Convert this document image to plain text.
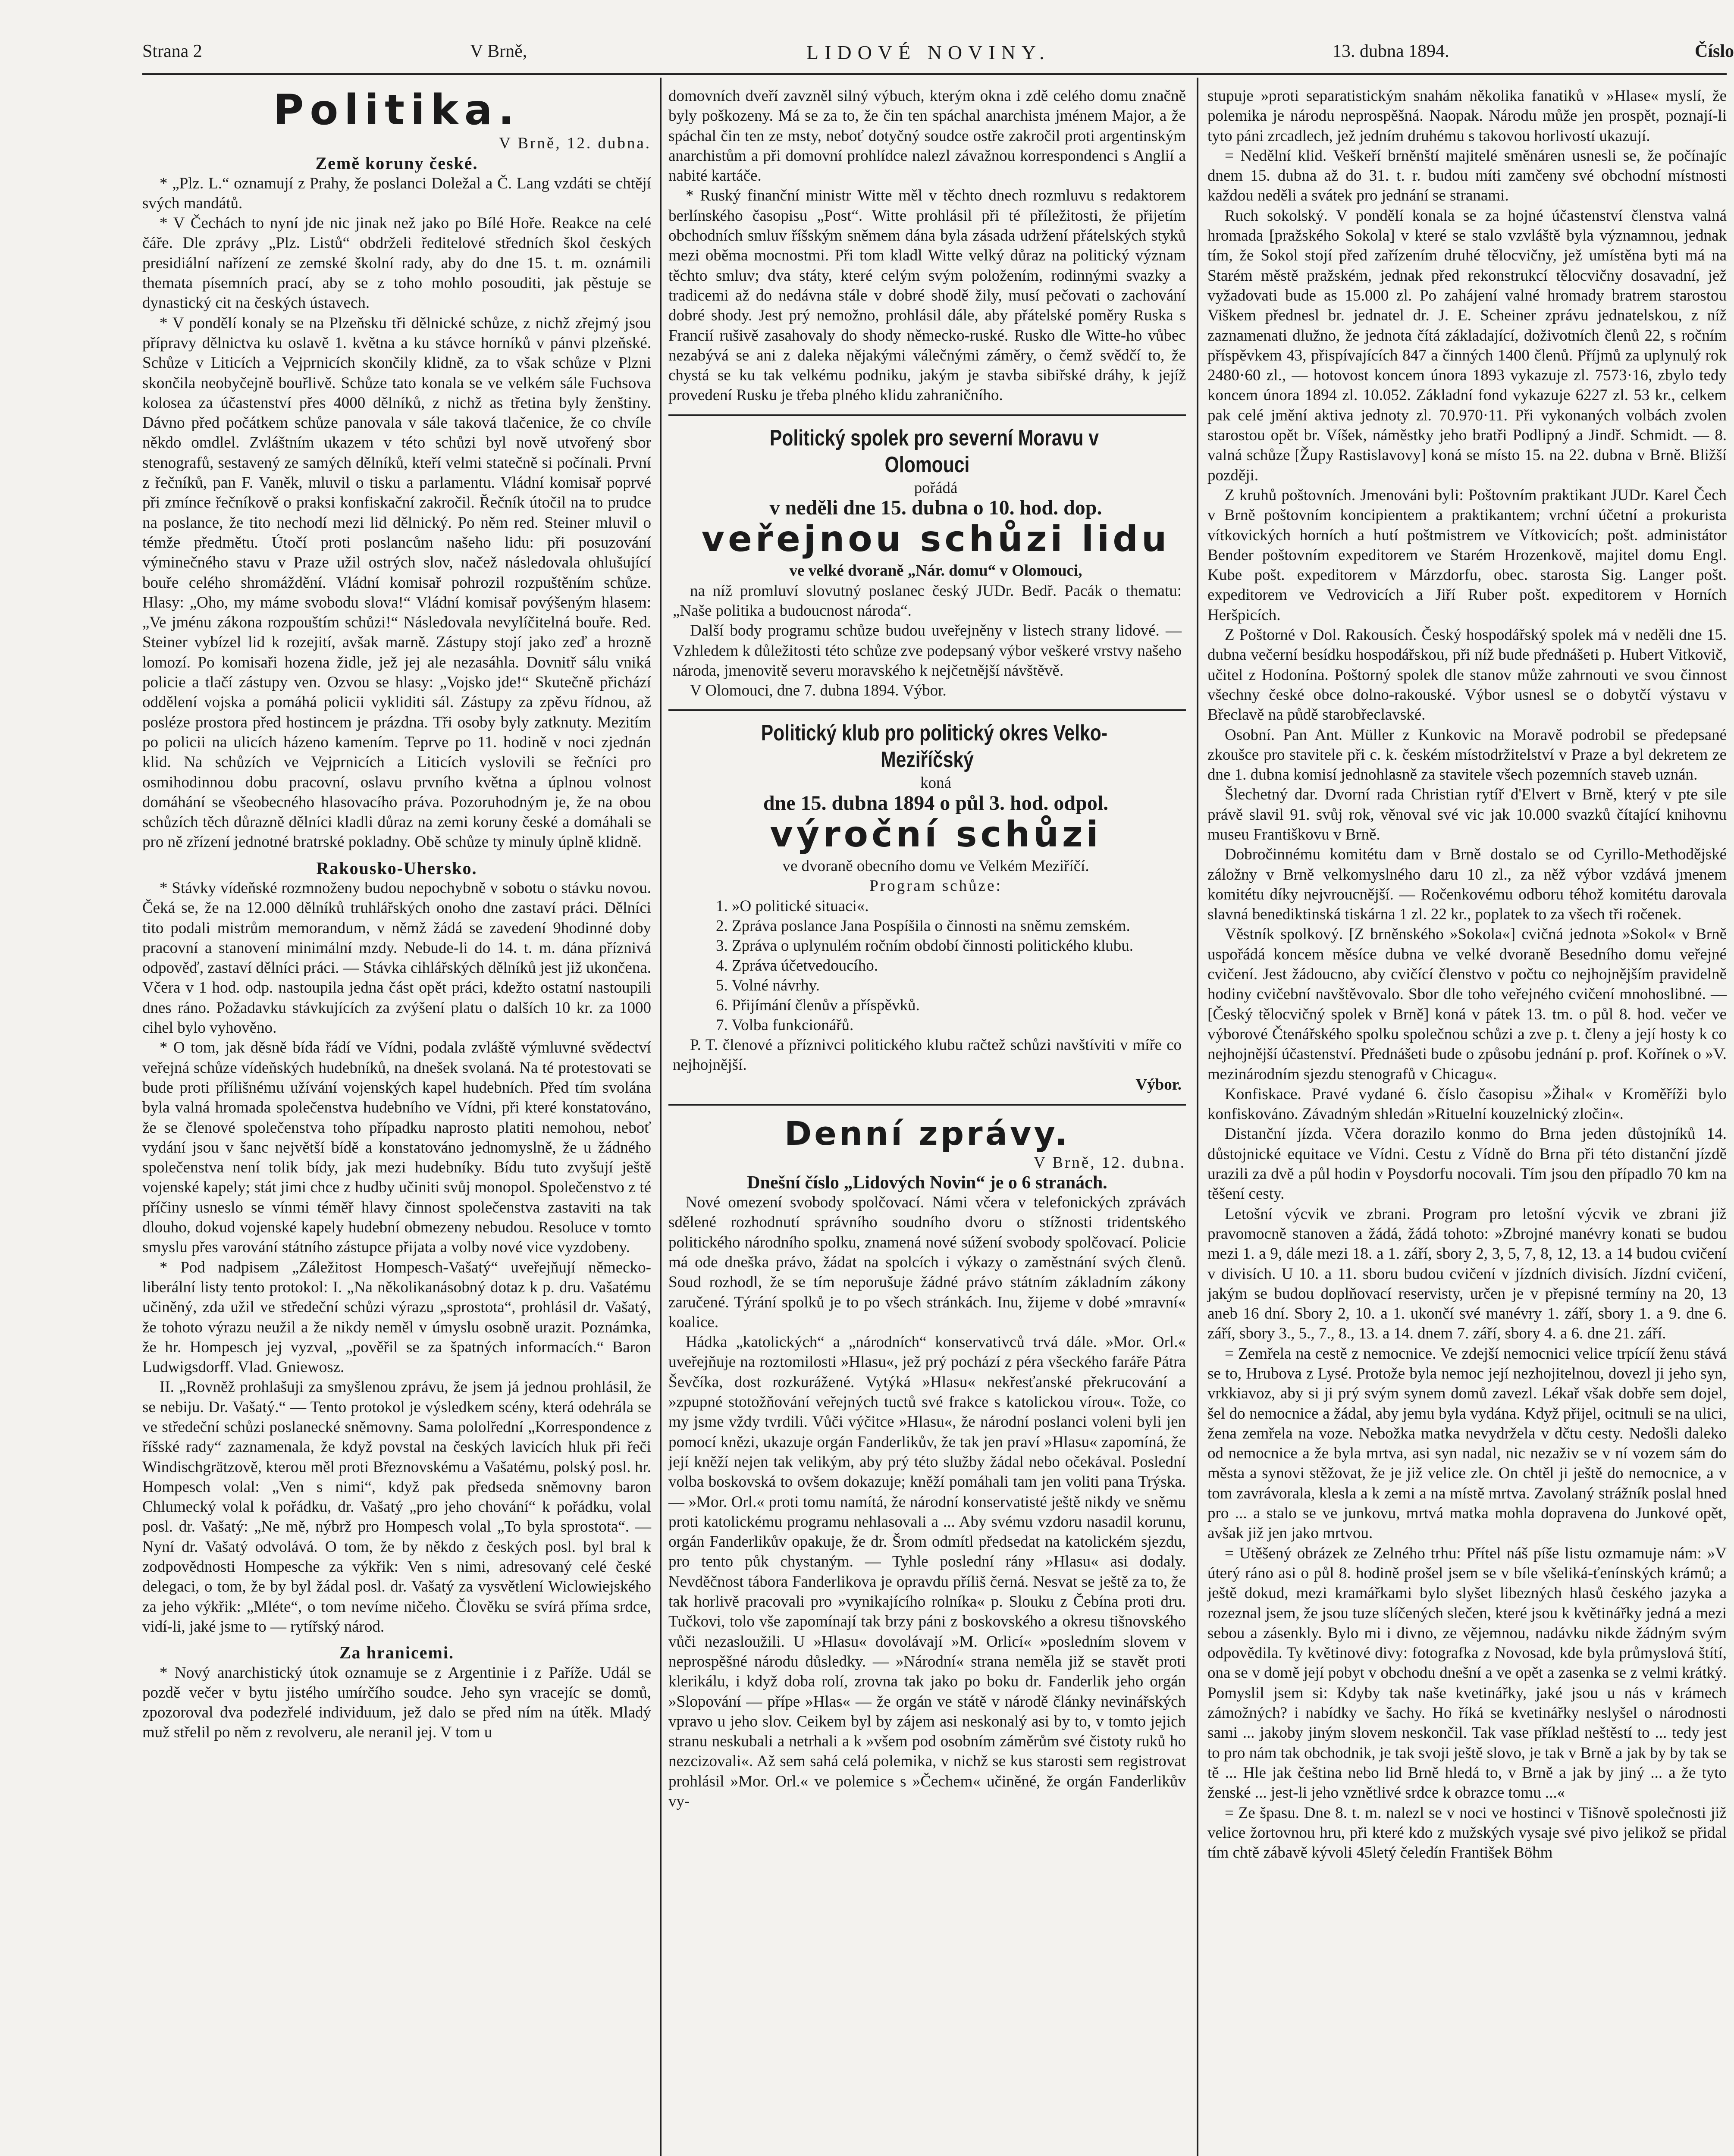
Strana 2	V Brně,	LIDOVÉ NOVINY.	13. dubna 1894.	Číslo

Politika.

V Brně, 12. dubna.

Země koruny české.

* „Plz. L.“ oznamují z Prahy, že poslanci Doležal a Č. Lang vzdáti se chtějí svých mandátů.

* V Čechách to nyní jde nic jinak než jako po Bílé Hoře. Reakce na celé čáře. Dle zprávy „Plz. Listů“ obdrželi ředitelové středních škol českých presidiální nařízení ze zemské školní rady, aby do dne 15. t. m. oznámili themata písemních prací, aby se z toho mohlo posouditi, jak pěstuje se dynastický cit na českých ústavech.

* V pondělí konaly se na Plzeňsku tři dělnické schůze, z nichž zřejmý jsou přípravy dělnictva ku oslavě 1. května a ku stávce horníků v pánvi plzeňské. Schůze v Liticích a Vejprnicích skončily klidně, za to však schůze v Plzni skončila neobyčejně bouřlivě. Schůze tato konala se ve velkém sále Fuchsova kolosea za účastenství přes 4000 dělníků, z nichž as třetina byly ženštiny. Dávno před počátkem schůze panovala v sále taková tlačenice, že co chvíle někdo omdlel. Zvláštním ukazem v této schůzi byl nově utvořený sbor stenografů, sestavený ze samých dělníků, kteří velmi statečně si počínali. První z řečníků, pan F. Vaněk, mluvil o tisku a parlamentu. Vládní komisař poprvé při zmínce řečníkově o praksi konfiskační zakročil. Řečník útočil na to prudce na poslance, že tito nechodí mezi lid dělnický. Po něm red. Steiner mluvil o témže předmětu. Útočí proti poslancům našeho lidu: při posuzování výminečného stavu v Praze užil ostrých slov, načež následovala ohlušující bouře celého shromáždění. Vládní komisař pohrozil rozpuštěním schůze. Hlasy: „Oho, my máme svobodu slova!“ Vládní komisař povýšeným hlasem: „Ve jménu zákona rozpouštím schůzi!“ Následovala nevylíčitelná bouře. Red. Steiner vybízel lid k rozejití, avšak marně. Zástupy stojí jako zeď a hrozně lomozí. Po komisaři hozena židle, jež jej ale nezasáhla. Dovnitř sálu vniká policie a tlačí zástupy ven. Ozvou se hlasy: „Vojsko jde!“ Skutečně přichází oddělení vojska a pomáhá policii vykliditi sál. Zástupy za zpěvu řídnou, až posléze prostora před hostincem je prázdna. Tři osoby byly zatknuty. Mezitím po policii na ulicích házeno kamením. Teprve po 11. hodině v noci zjednán klid. Na schůzích ve Vejprnicích a Liticích vyslovili se řečníci pro osmihodinnou dobu pracovní, oslavu prvního května a úplnou volnost domáhání se všeobecného hlasovacího práva. Pozoruhodným je, že na obou schůzích těch důrazně dělníci kladli důraz na zemi koruny české a domáhali se pro ně zřízení jednotné bratrské pokladny. Obě schůze ty minuly úplně klidně.

Rakousko-Uhersko.

* Stávky vídeňské rozmnoženy budou nepochybně v sobotu o stávku novou. Čeká se, že na 12.000 dělníků truhlářských onoho dne zastaví práci. Dělníci tito podali mistrům memorandum, v němž žádá se zavedení 9hodinné doby pracovní a stanovení minimální mzdy. Nebude-li do 14. t. m. dána příznivá odpověď, zastaví dělníci práci. — Stávka cihlářských dělníků jest již ukončena. Včera v 1 hod. odp. nastoupila jedna část opět práci, kdežto ostatní nastoupili dnes ráno. Požadavku stávkujících za zvýšení platu o dalších 10 kr. za 1000 cihel bylo vyhověno.

* O tom, jak děsně bída řádí ve Vídni, podala zvláště výmluvné svědectví veřejná schůze vídeňských hudebníků, na dnešek svolaná. Na té protestovati se bude proti přílišnému užívání vojenských kapel hudebních. Před tím svolána byla valná hromada společenstva hudebního ve Vídni, při které konstatováno, že se členové společenstva toho případku naprosto platiti nemohou, neboť vydání jsou v šanc největší bídě a konstatováno jednomyslně, že u žádného společenstva není tolik bídy, jak mezi hudebníky. Bídu tuto zvyšují ještě vojenské kapely; stát jimi chce z hudby učiniti svůj monopol. Společenstvo z té příčiny usneslo se vínmi téměř hlavy činnost společenstva zastaviti na tak dlouho, dokud vojenské kapely hudební obmezeny nebudou. Resoluce v tomto smyslu přes varování státního zástupce přijata a volby nové vice vyzdobeny.

* Pod nadpisem „Záležitost Hompesch-Vašatý“ uveřejňují německo-liberální listy tento protokol: I. „Na několikanásobný dotaz k p. dru. Vašatému učiněný, zda užil ve středeční schůzi výrazu „sprostota“, prohlásil dr. Vašatý, že tohoto výrazu neužil a že nikdy neměl v úmyslu osobně urazit. Poznámka, že hr. Hompesch jej vyzval, „pověřil se za špatných informacích.“ Baron Ludwigsdorff. Vlad. Gniewosz.

II. „Rovněž prohlašuji za smyšlenou zprávu, že jsem já jednou prohlásil, že se nebiju. Dr. Vašatý.“ — Tento protokol je výsledkem scény, která odehrála se ve středeční schůzi poslanecké sněmovny. Sama pololřední „Korrespondence z říšské rady“ zaznamenala, že když povstal na českých lavicích hluk při řeči Windischgrätzově, kterou měl proti Březnovskému a Vašatému, polský posl. hr. Hompesch volal: „Ven s nimi“, když pak předseda sněmovny baron Chlumecký volal k pořádku, dr. Vašatý „pro jeho chování“ k pořádku, volal posl. dr. Vašatý: „Ne mě, nýbrž pro Hompesch volal „To byla sprostota“. — Nyní dr. Vašatý odvolává. O tom, že by někdo z českých posl. byl bral k zodpovědnosti Hompesche za výkřik: Ven s nimi, adresovaný celé české delegaci, o tom, že by byl žádal posl. dr. Vašatý za vysvětlení Wiclowiejského za jeho výkřik: „Mléte“, o tom nevíme ničeho. Člověku se svírá příma srdce, vidí-li, jaké jsme to — rytířský národ.

Za hranicemi.

* Nový anarchistický útok oznamuje se z Argentinie i z Paříže. Udál se pozdě večer v bytu jistého umírčího soudce. Jeho syn vracejíc se domů, zpozoroval dva podezřelé individuum, jež dalo se před ním na útěk. Mladý muž střelil po něm z revolveru, ale neranil jej. V tom u

domovních dveří zavzněl silný výbuch, kterým okna i zdě celého domu značně byly poškozeny. Má se za to, že čin ten spáchal anarchista jménem Major, a že spáchal čin ten ze msty, neboť dotyčný soudce ostře zakročil proti argentinským anarchistům a při domovní prohlídce nalezl závažnou korrespondenci s Anglií a nabité kartáče.

* Ruský finanční ministr Witte měl v těchto dnech rozmluvu s redaktorem berlínského časopisu „Post“. Witte prohlásil při té příležitosti, že přijetím obchodních smluv říšským sněmem dána byla zásada udržení přátelských styků mezi oběma mocnostmi. Při tom kladl Witte velký důraz na politický význam těchto smluv; dva státy, které celým svým položením, rodinnými svazky a tradicemi až do nedávna stále v dobré shodě žily, musí pečovati o zachování dobré shody. Jest prý nemožno, prohlásil dále, aby přátelské poměry Ruska s Francií rušivě zasahovaly do shody německo-ruské. Rusko dle Witte-ho vůbec nezabývá se ani z daleka nějakými válečnými záměry, o čemž svědčí to, že chystá se ku tak velkému podniku, jakým je stavba sibiřské dráhy, k jejíž provedení Rusku je třeba plného klidu zahraničního.

Politický spolek pro severní Moravu v Olomouci

pořádá

v neděli dne 15. dubna o 10. hod. dop.

veřejnou schůzi lidu

ve velké dvoraně „Nár. domu“ v Olomouci,

na níž promluví slovutný poslanec český JUDr. Bedř. Pacák o thematu: „Naše politika a budoucnost národa“.

Další body programu schůze budou uveřejněny v listech strany lidové. — Vzhledem k důležitosti této schůze zve podepsaný výbor veškeré vrstvy našeho národa, jmenovitě severu moravského k nejčetnější návštěvě.

V Olomouci, dne 7. dubna 1894. Výbor.

Politický klub pro politický okres Velko-Meziříčský

koná

dne 15. dubna 1894 o půl 3. hod. odpol.

výroční schůzi

ve dvoraně obecního domu ve Velkém Meziříčí.

Program schůze:

1. »O politické situaci«.
2. Zpráva poslance Jana Pospíšila o činnosti na sněmu zemském.
3. Zpráva o uplynulém ročním období činnosti politického klubu.
4. Zpráva účetvedoucího.
5. Volné návrhy.
6. Přijímání členův a příspěvků.
7. Volba funkcionářů.

P. T. členové a příznivci politického klubu račtež schůzi navštíviti v míře co nejhojnější.

Výbor.

Denní zprávy.

V Brně, 12. dubna.

Dnešní číslo „Lidových Novin“ je o 6 stranách.

Nové omezení svobody spolčovací. Námi včera v telefonických zprávách sdělené rozhodnutí správního soudního dvoru o stížnosti tridentského politického národního spolku, znamená nové súžení svobody spolčovací. Policie má ode dneška právo, žádat na spolcích i výkazy o zaměstnání svých členů. Soud rozhodl, že se tím neporušuje žádné právo státním základním zákony zaručené. Týrání spolků je to po všech stránkách. Inu, žijeme v dobé »mravní« koalice.

Hádka „katolických“ a „národních“ konservativců trvá dále. »Mor. Orl.« uveřejňuje na roztomilosti »Hlasu«, jež prý pochází z péra všeckého faráře Pátra Ševčíka, dost rozkurážené. Vytýká »Hlasu« nekřesťanské překrucování a »zpupné stotožňování veřejných tuctů své frakce s katolickou vírou«. Tože, co my jsme vždy tvrdili. Vůči výčitce »Hlasu«, že národní poslanci voleni byli jen pomocí knězi, ukazuje orgán Fanderlikův, že tak jen praví »Hlasu« zapomíná, že její kněží nejen tak velikým, aby prý této služby žádal nebo očekával. Poslední volba boskovská to ovšem dokazuje; kněží pomáhali tam jen voliti pana Trýska. — »Mor. Orl.« proti tomu namítá, že národní konservatisté ještě nikdy ve sněmu proti katolickému programu nehlasovali a ... Aby svému vzdoru nasadil korunu, orgán Fanderlikův opakuje, že dr. Šrom odmítl předsedat na katolickém sjezdu, pro tento půk chystaným. — Tyhle poslední rány »Hlasu« asi dodaly. Nevděčnost tábora Fanderlikova je opravdu příliš černá. Nesvat se ještě za to, že tak horlivě pracovali pro »vynikajícího rolníka« p. Slouku z Čebína proti dru. Tučkovi, tolo vše zapomínají tak brzy páni z boskovského a okresu tišnovského vůči nezasloužili. U »Hlasu« dovolávají »M. Orlicí« »posledním slovem v neprospěšné národu důsledky. — »Národní« strana neměla již se stavět proti klerikálu, i když doba rolí, zrovna tak jako po boku dr. Fanderlik jeho orgán »Slopování — přípe »Hlas« — že orgán ve státě v národě články nevinářských vpravo u jeho slov. Ceikem byl by zájem asi neskonalý asi by to, v tomto jejich stranu neskubali a netrhali a k »všem pod osobním záměrům své čistoty ruků ho nezcizovali«. Až sem sahá celá polemika, v nichž se kus starosti sem registrovat prohlásil »Mor. Orl.« ve polemice s »Čechem« učiněné, že orgán Fanderlikův vy-

stupuje »proti separatistickým snahám několika fanatiků v »Hlase« myslí, že polemika je národu neprospěšná. Naopak. Národu může jen prospět, poznají-li tyto páni zrcadlech, jež jedním druhému s takovou horlivostí ukazují.

= Nedělní klid. Veškeří brněnští majitelé směnáren usnesli se, že počínajíc dnem 15. dubna až do 31. t. r. budou míti zamčeny své obchodní místnosti každou neděli a svátek pro jednání se stranami.

Ruch sokolský. V pondělí konala se za hojné účastenství členstva valná hromada [pražského Sokola] v které se stalo vzvláště byla významnou, jednak tím, že Sokol stojí před zařízením druhé tělocvičny, jež umístěna byti má na Starém městě pražském, jednak před rekonstrukcí tělocvičny dosavadní, jež vyžadovati bude as 15.000 zl. Po zahájení valné hromady bratrem starostou Viškem přednesl br. jednatel dr. J. E. Scheiner zprávu jednatelskou, z níž zaznamenati dlužno, že jednota čítá základající, doživotních členů 22, s ročním příspěvkem 43, přispívajících 847 a činných 1400 členů. Příjmů za uplynulý rok 2480·60 zl., — hotovost koncem února 1893 vykazuje zl. 7573·16, zbylo tedy koncem února 1894 zl. 10.052. Základní fond vykazuje 6227 zl. 53 kr., celkem pak celé jmění aktiva jednoty zl. 70.970·11. Při vykonaných volbách zvolen starostou opět br. Víšek, náměstky jeho bratři Podlipný a Jindř. Schmidt. — 8. valná schůze [Župy Rastislavovy] koná se místo 15. na 22. dubna v Brně. Bližší později.

Z kruhů poštovních. Jmenováni byli: Poštovním praktikant JUDr. Karel Čech v Brně poštovním koncipientem a praktikantem; vrchní účetní a prokurista vítkovických horních a hutí poštmistrem ve Vítkovicích; pošt. administátor Bender poštovním expeditorem ve Starém Hrozenkově, majitel domu Engl. Kube pošt. expeditorem v Márzdorfu, obec. starosta Sig. Langer pošt. expeditorem ve Vedrovicích a Jiří Ruber pošt. expeditorem v Horních Heršpicích.

Z Poštorné v Dol. Rakousích. Český hospodářský spolek má v neděli dne 15. dubna večerní besídku hospodářskou, při níž bude přednášeti p. Hubert Vitkovič, učitel z Hodonína. Poštorný spolek dle stanov může zahrnouti ve svou činnost všechny české obce dolno-rakouské. Výbor usnesl se o dobytčí výstavu v Břeclavě na půdě starobřeclavské.

Osobní. Pan Ant. Müller z Kunkovic na Moravě podrobil se předepsané zkoušce pro stavitele při c. k. českém místodržitelství v Praze a byl dekretem ze dne 1. dubna komisí jednohlasně za stavitele všech pozemních staveb uznán.

Šlechetný dar. Dvorní rada Christian rytíř d'Elvert v Brně, který v pte sile právě slavil 91. svůj rok, věnoval své vic jak 10.000 svazků čítající knihovnu museu Františkovu v Brně.

Dobročinnému komitétu dam v Brně dostalo se od Cyrillo-Methodějské záložny v Brně velkomyslného daru 10 zl., za něž výbor vzdává jmenem komitétu díky nejvroucnější. — Ročenkovému odboru téhož komitétu darovala slavná benediktinská tiskárna 1 zl. 22 kr., poplatek to za všech tři ročenek.

Věstník spolkový. [Z brněnského »Sokola«] cvičná jednota »Sokol« v Brně uspořádá koncem měsíce dubna ve velké dvoraně Besedního domu veřejné cvičení. Jest žádoucno, aby cvičící členstvo v počtu co nejhojnějším pravidelně hodiny cvičební navštěvovalo. Sbor dle toho veřejného cvičení mnohoslibné. — [Český tělocvičný spolek v Brně] koná v pátek 13. tm. o půl 8. hod. večer ve výborové Čtenářského spolku společnou schůzi a zve p. t. členy a její hosty k co nejhojnější účastenství. Přednášeti bude o způsobu jednání p. prof. Kořínek o »V. mezinárodním sjezdu stenografů v Chicagu«.

Konfiskace. Pravé vydané 6. číslo časopisu »Žihal« v Kroměříži bylo konfiskováno. Závadným shledán »Rituelní kouzelnický zločin«.

Distanční jízda. Včera dorazilo konmo do Brna jeden důstojníků 14. důstojnické equitace ve Vídni. Cestu z Vídně do Brna při této distanční jízdě urazili za dvě a půl hodin v Poysdorfu nocovali. Tím jsou den případlo 70 km na těšení cesty.

Letošní výcvik ve zbrani. Program pro letošní výcvik ve zbrani již pravomocně stanoven a žádá, žádá tohoto: »Zbrojné manévry konati se budou mezi 1. a 9, dále mezi 18. a 1. září, sbory 2, 3, 5, 7, 8, 12, 13. a 14 budou cvičení v divisích. U 10. a 11. sboru budou cvičení v jízdních divisích. Jízdní cvičení, jakým se budou doplňovací reservisty, určen je v přepisné termíny na 20, 13 aneb 16 dní. Sbory 2, 10. a 1. ukončí své manévry 1. září, sbory 1. a 9. dne 6. září, sbory 3., 5., 7., 8., 13. a 14. dnem 7. září, sbory 4. a 6. dne 21. září.

= Zemřela na cestě z nemocnice. Ve zdejší nemocnici velice trpícíí ženu stává se to, Hrubova z Lysé. Protože byla nemoc její nezhojitelnou, dovezl ji jeho syn, vrkkiavoz, aby si ji prý svým synem domů zavezl. Lékař však dobře sem dojel, šel do nemocnice a žádal, aby jemu byla vydána. Když přijel, ocitnuli se na ulici, žena zemřela na voze. Nebožka matka nevydržela v dčtu cesty. Nedošli daleko od nemocnice a že byla mrtva, asi syn nadal, nic nezaživ se v ní vozem sám do města a synovi stěžovat, že je již velice zle. On chtěl ji ještě do nemocnice, a v tom zavrávorala, klesla a k zemi a na místě mrtva. Zavolaný strážník poslal hned pro ... a stalo se ve junkovu, mrtvá matka mohla dopravena do Junkové opět, avšak již jen jako mrtvou.

= Utěšený obrázek ze Zelného trhu: Přítel náš píše listu ozmamuje nám: »V úterý ráno asi o půl 8. hodině prošel jsem se v bíle všeliká-ťenínských krámů; a ještě dokud, mezi kramářkami bylo slyšet libezných hlasů českého jazyka a rozeznal jsem, že jsou tuze slíčených slečen, které jsou k květinářky jedná a mezi sebou a zásenkly. Bylo mi i divno, ze vějemnou, nadávku nikde žádným svým odpovědila. Ty květinové divy: fotografka z Novosad, kde byla průmyslová štítí, ona se v domě její pobyt v obchodu dnešní a ve opět a zasenka se z velmi krátký. Pomyslil jsem si: Kdyby tak naše kvetinářky, jaké jsou u nás v krámech zámožných? i nabídky ve šachy. Ho říká se kvetinářky neslyšel o národnosti sami ... jakoby jiným slovem neskončil. Tak vase příklad neštěstí to ... tedy jest to pro nám tak obchodnik, je tak svoji ještě slovo, je tak v Brně a jak by by tak se tě ... Hle jak čeština nebo lid Brně hledá to, v Brně a jak by jiný ... a že tyto ženské ... jest-li jeho vznětlivé srdce k obrazce tomu ...«

= Ze špasu. Dne 8. t. m. nalezl se v noci ve hostinci v Tišnově společnosti již velice žortovnou hru, při které kdo z mužských vysaje své pivo jelikož se přidal tím chtě zábavě kývoli 45letý čeledín František Böhm
